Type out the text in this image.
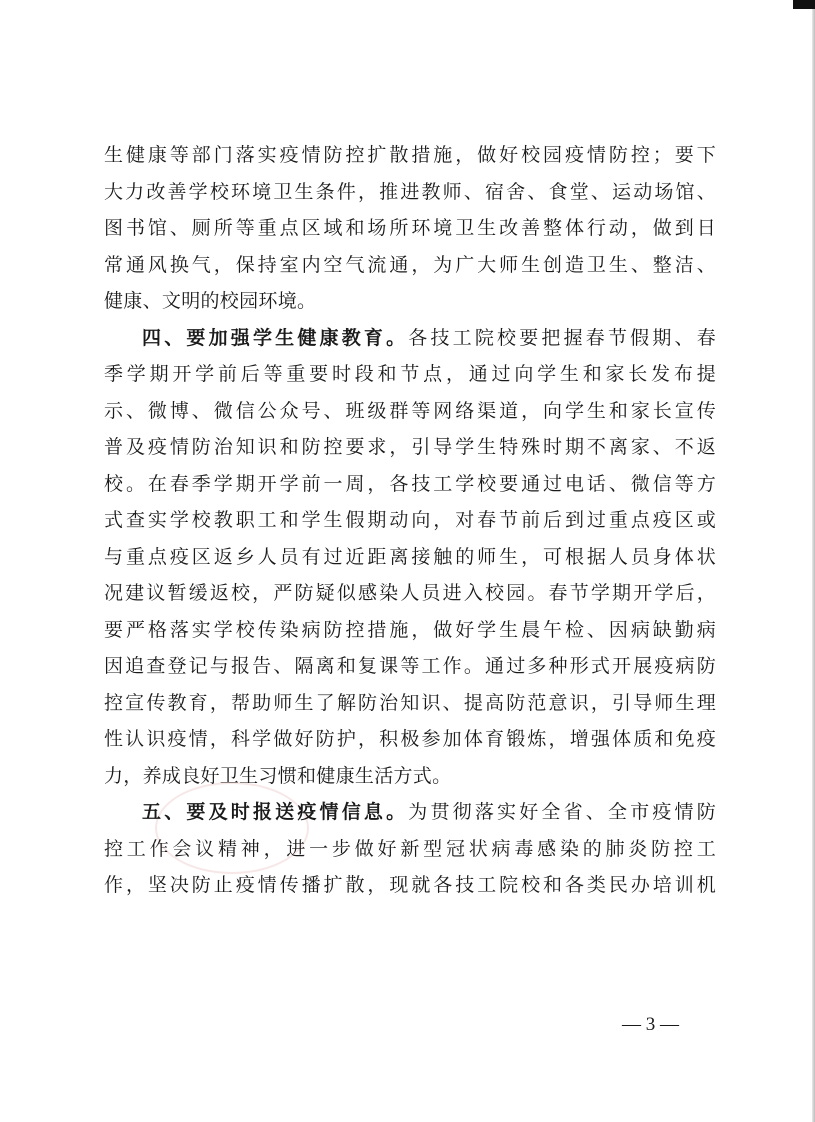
生健康等部门落实疫情防控扩散措施，做好校园疫情防控；要下
大力改善学校环境卫生条件，推进教师、宿舍、食堂、运动场馆、
图书馆、厕所等重点区域和场所环境卫生改善整体行动，做到日
常通风换气，保持室内空气流通，为广大师生创造卫生、整洁、
健康、文明的校园环境。
四、要加强学生健康教育。各技工院校要把握春节假期、春
季学期开学前后等重要时段和节点，通过向学生和家长发布提
示、微博、微信公众号、班级群等网络渠道，向学生和家长宣传
普及疫情防治知识和防控要求，引导学生特殊时期不离家、不返
校。在春季学期开学前一周，各技工学校要通过电话、微信等方
式查实学校教职工和学生假期动向，对春节前后到过重点疫区或
与重点疫区返乡人员有过近距离接触的师生，可根据人员身体状
况建议暂缓返校，严防疑似感染人员进入校园。春节学期开学后，
要严格落实学校传染病防控措施，做好学生晨午检、因病缺勤病
因追查登记与报告、隔离和复课等工作。通过多种形式开展疫病防
控宣传教育，帮助师生了解防治知识、提高防范意识，引导师生理
性认识疫情，科学做好防护，积极参加体育锻炼，增强体质和免疫
力，养成良好卫生习惯和健康生活方式。
五、要及时报送疫情信息。为贯彻落实好全省、全市疫情防
控工作会议精神，进一步做好新型冠状病毒感染的肺炎防控工
作，坚决防止疫情传播扩散，现就各技工院校和各类民办培训机
— 3 —
